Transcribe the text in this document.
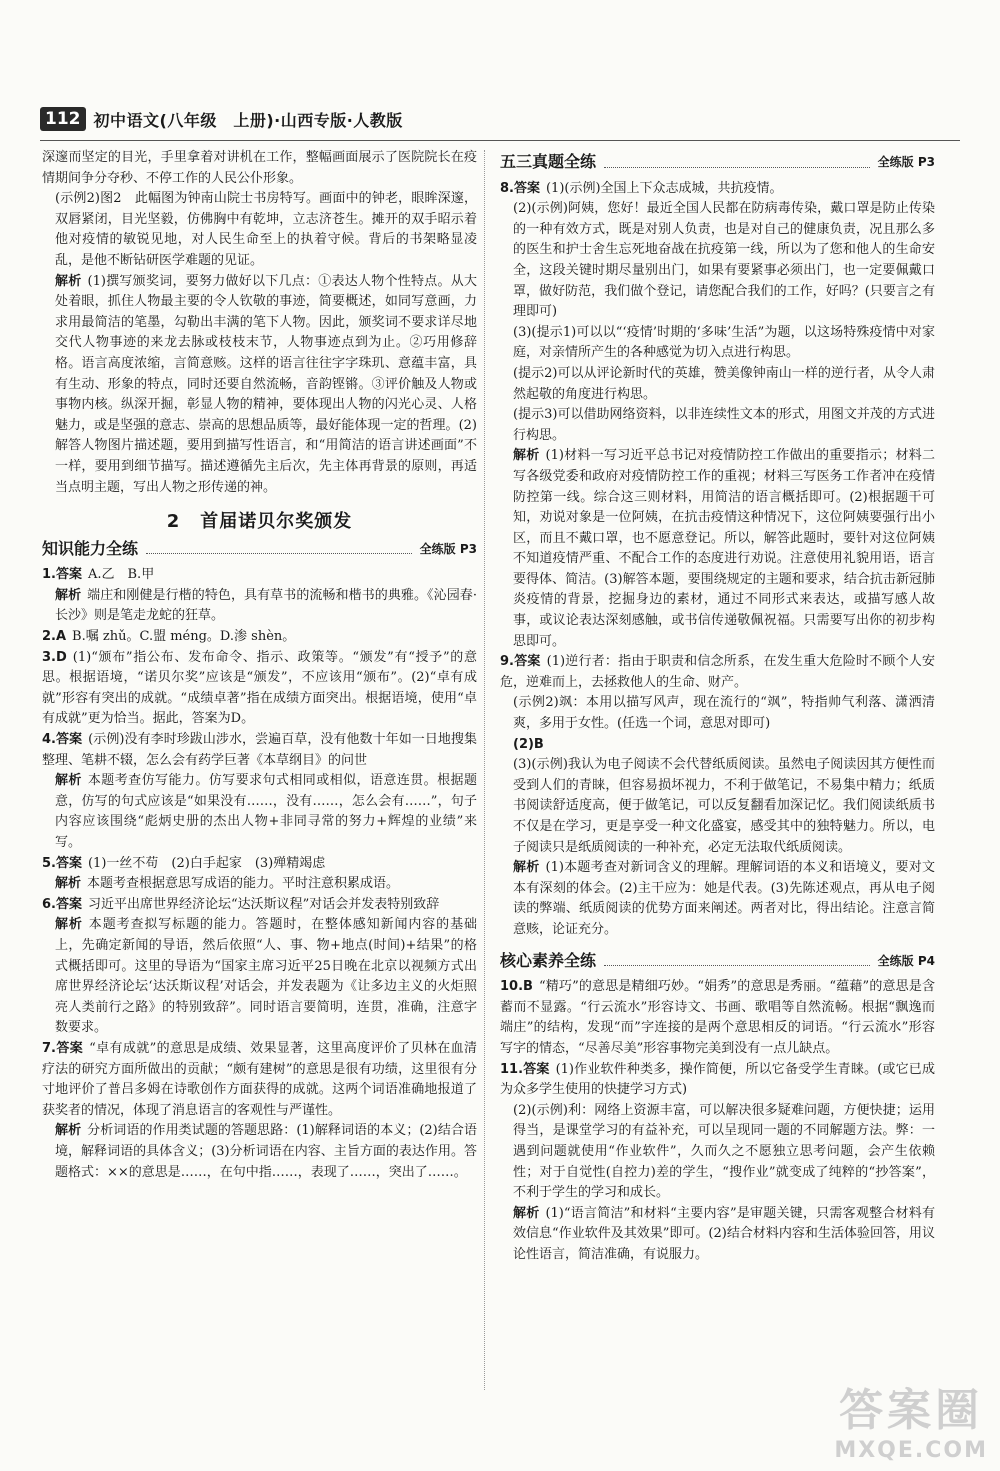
112 初中语文(八年级　上册)·山西专版·人教版

深邃而坚定的目光，手里拿着对讲机在工作，整幅画面展示了医院院长在疫情期间争分夺秒、不停工作的人民公仆形象。

(示例2)图2　此幅图为钟南山院士书房特写。画面中的钟老，眼眸深邃，双唇紧闭，目光坚毅，仿佛胸中有乾坤，立志济苍生。摊开的双手昭示着他对疫情的敏锐见地，对人民生命至上的执着守候。背后的书架略显凌乱，是他不断钻研医学难题的见证。

解析 (1)撰写颁奖词，要努力做好以下几点：①表达人物个性特点。从大处着眼，抓住人物最主要的令人钦敬的事迹，简要概述，如同写意画，力求用最简洁的笔墨，勾勒出丰满的笔下人物。因此，颁奖词不要求详尽地交代人物事迹的来龙去脉或枝枝末节，人物事迹点到为止。②巧用修辞格。语言高度浓缩，言简意赅。这样的语言往往字字珠玑、意蕴丰富，具有生动、形象的特点，同时还要自然流畅，音韵铿锵。③评价触及人物或事物内核。纵深开掘，彰显人物的精神，要体现出人物的闪光心灵、人格魅力，或是坚强的意志、崇高的思想品质等，最好能体现一定的哲理。(2)解答人物图片描述题，要用到描写性语言，和“用简洁的语言讲述画面”不一样，要用到细节描写。描述遵循先主后次，先主体再背景的原则，再适当点明主题，写出人物之形传递的神。

2 首届诺贝尔奖颁发
知识能力全练	全练版 P3

1.答案 A.乙　B.甲

解析 端庄和刚健是行楷的特色，具有草书的流畅和楷书的典雅。《沁园春·长沙》则是笔走龙蛇的狂草。

2.A B.嘱 zhǔ。C.盟 méng。D.渗 shèn。

3.D (1)“颁布”指公布、发布命令、指示、政策等。“颁发”有“授予”的意思。根据语境，“诺贝尔奖”应该是“颁发”，不应该用“颁布”。(2)“卓有成就”形容有突出的成就。“成绩卓著”指在成绩方面突出。根据语境，使用“卓有成就”更为恰当。据此，答案为D。

4.答案 (示例)没有李时珍跋山涉水，尝遍百草，没有他数十年如一日地搜集整理、笔耕不辍，怎么会有药学巨著《本草纲目》的问世

解析 本题考查仿写能力。仿写要求句式相同或相似，语意连贯。根据题意，仿写的句式应该是“如果没有……，没有……，怎么会有……”，句子内容应该围绕“彪炳史册的杰出人物+非同寻常的努力+辉煌的业绩”来写。

5.答案 (1)一丝不苟　(2)白手起家　(3)殚精竭虑

解析 本题考查根据意思写成语的能力。平时注意积累成语。

6.答案 习近平出席世界经济论坛“达沃斯议程”对话会并发表特别致辞

解析 本题考查拟写标题的能力。答题时，在整体感知新闻内容的基础上，先确定新闻的导语，然后依照“人、事、物+地点(时间)+结果”的格式概括即可。这里的导语为“国家主席习近平25日晚在北京以视频方式出席世界经济论坛‘达沃斯议程’对话会，并发表题为《让多边主义的火炬照亮人类前行之路》的特别致辞”。同时语言要简明，连贯，准确，注意字数要求。

7.答案 “卓有成就”的意思是成绩、效果显著，这里高度评价了贝林在血清疗法的研究方面所做出的贡献；“颇有建树”的意思是很有功绩，这里很有分寸地评价了普吕多姆在诗歌创作方面获得的成就。这两个词语准确地报道了获奖者的情况，体现了消息语言的客观性与严谨性。

解析 分析词语的作用类试题的答题思路：(1)解释词语的本义；(2)结合语境，解释词语的具体含义；(3)分析词语在内容、主旨方面的表达作用。答题格式：××的意思是……，在句中指……，表现了……，突出了……。

五三真题全练	全练版 P3

8.答案 (1)(示例)全国上下众志成城，共抗疫情。

(2)(示例)阿姨，您好！最近全国人民都在防病毒传染，戴口罩是防止传染的一种有效方式，既是对别人负责，也是对自己的健康负责，况且那么多的医生和护士舍生忘死地奋战在抗疫第一线，所以为了您和他人的生命安全，这段关键时期尽量别出门，如果有要紧事必须出门，也一定要佩戴口罩，做好防范，我们做个登记，请您配合我们的工作，好吗？(只要言之有理即可)

(3)(提示1)可以以“‘疫情’时期的‘多味’生活”为题，以这场特殊疫情中对家庭，对亲情所产生的各种感觉为切入点进行构思。

(提示2)可以从评论新时代的英雄，赞美像钟南山一样的逆行者，从令人肃然起敬的角度进行构思。

(提示3)可以借助网络资料，以非连续性文本的形式，用图文并茂的方式进行构思。

解析 (1)材料一写习近平总书记对疫情防控工作做出的重要指示；材料二写各级党委和政府对疫情防控工作的重视；材料三写医务工作者冲在疫情防控第一线。综合这三则材料，用简洁的语言概括即可。(2)根据题干可知，劝说对象是一位阿姨，在抗击疫情这种情况下，这位阿姨要强行出小区，而且不戴口罩，也不愿意登记。所以，解答此题时，要针对这位阿姨不知道疫情严重、不配合工作的态度进行劝说。注意使用礼貌用语，语言要得体、简洁。(3)解答本题，要围绕规定的主题和要求，结合抗击新冠肺炎疫情的背景，挖掘身边的素材，通过不同形式来表达，或描写感人故事，或议论表达深刻感触，或书信传递敬佩祝福。只需要写出你的初步构思即可。

9.答案 (1)逆行者：指由于职责和信念所系，在发生重大危险时不顾个人安危，逆难而上，去拯救他人的生命、财产。

(示例2)飒：本用以描写风声，现在流行的“飒”，特指帅气利落、潇洒清爽，多用于女性。(任选一个词，意思对即可)

(2)B

(3)(示例)我认为电子阅读不会代替纸质阅读。虽然电子阅读因其方便性而受到人们的青睐，但容易损坏视力，不利于做笔记，不易集中精力；纸质书阅读舒适度高，便于做笔记，可以反复翻看加深记忆。我们阅读纸质书不仅是在学习，更是享受一种文化盛宴，感受其中的独特魅力。所以，电子阅读只是纸质阅读的一种补充，必定无法取代纸质阅读。

解析 (1)本题考查对新词含义的理解。理解词语的本义和语境义，要对文本有深刻的体会。(2)主干应为：她是代表。(3)先陈述观点，再从电子阅读的弊端、纸质阅读的优势方面来阐述。两者对比，得出结论。注意言简意赅，论证充分。

核心素养全练	全练版 P4

10.B “精巧”的意思是精细巧妙。“娟秀”的意思是秀丽。“蕴藉”的意思是含蓄而不显露。“行云流水”形容诗文、书画、歌唱等自然流畅。根据“飘逸而端庄”的结构，发现“而”字连接的是两个意思相反的词语。“行云流水”形容写字的情态，“尽善尽美”形容事物完美到没有一点儿缺点。

11.答案 (1)作业软件种类多，操作简便，所以它备受学生青睐。(或它已成为众多学生使用的快捷学习方式)

(2)(示例)利：网络上资源丰富，可以解决很多疑难问题，方便快捷；运用得当，是课堂学习的有益补充，可以呈现同一题的不同解题方法。弊：一遇到问题就使用“作业软件”，久而久之不愿独立思考问题，会产生依赖性；对于自觉性(自控力)差的学生，“搜作业”就变成了纯粹的“抄答案”，不利于学生的学习和成长。

解析 (1)“语言简洁”和材料“主要内容”是审题关键，只需客观整合材料有效信息“作业软件及其效果”即可。(2)结合材料内容和生活体验回答，用议论性语言，简洁准确，有说服力。

答案圈
MXQE.COM
